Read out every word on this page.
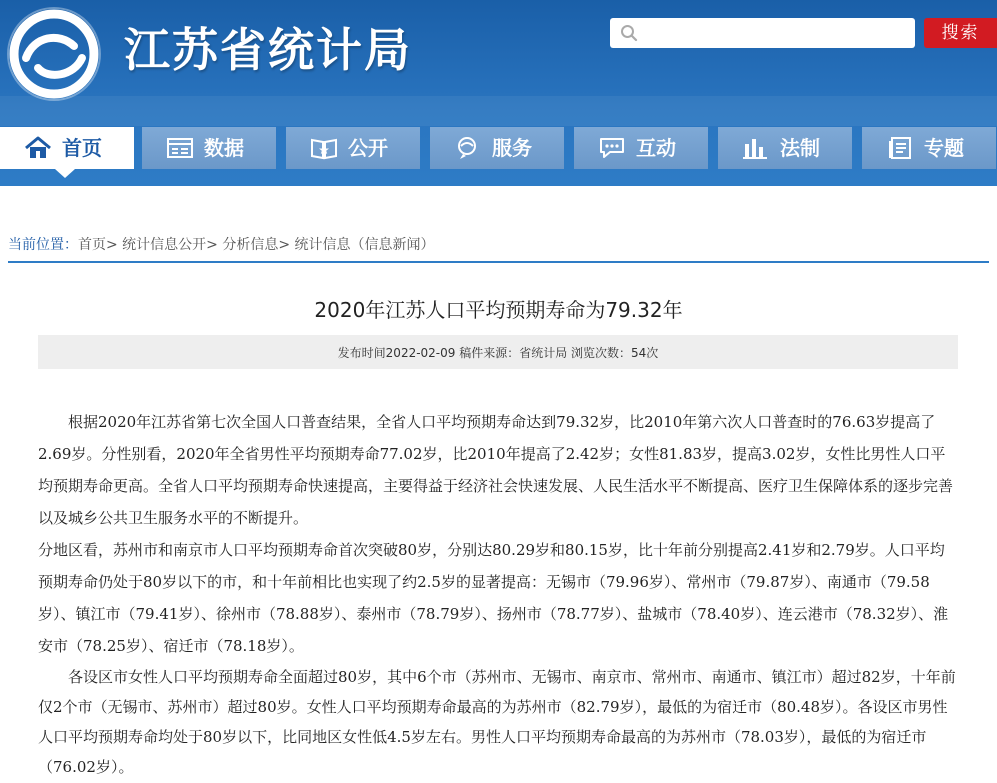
江苏省统计局	搜索
首页	数据	公开	服务	互动	法制	专题
当前位置：首页> 统计信息公开> 分析信息> 统计信息（信息新闻）
2020年江苏人口平均预期寿命为79.32年
发布时间2022-02-09 稿件来源：省统计局 浏览次数：54次

根据2020年江苏省第七次全国人口普查结果，全省人口平均预期寿命达到79.32岁，比2010年第六次人口普查时的76.63岁提高了2.69岁。分性别看，2020年全省男性平均预期寿命77.02岁，比2010年提高了2.42岁；女性81.83岁，提高3.02岁，女性比男性人口平均预期寿命更高。全省人口平均预期寿命快速提高，主要得益于经济社会快速发展、人民生活水平不断提高、医疗卫生保障体系的逐步完善以及城乡公共卫生服务水平的不断提升。

分地区看，苏州市和南京市人口平均预期寿命首次突破80岁，分别达80.29岁和80.15岁，比十年前分别提高2.41岁和2.79岁。人口平均预期寿命仍处于80岁以下的市，和十年前相比也实现了约2.5岁的显著提高：无锡市（79.96岁）、常州市（79.87岁）、南通市（79.58岁）、镇江市（79.41岁）、徐州市（78.88岁）、泰州市（78.79岁）、扬州市（78.77岁）、盐城市（78.40岁）、连云港市（78.32岁）、淮安市（78.25岁）、宿迁市（78.18岁）。

各设区市女性人口平均预期寿命全面超过80岁，其中6个市（苏州市、无锡市、南京市、常州市、南通市、镇江市）超过82岁，十年前仅2个市（无锡市、苏州市）超过80岁。女性人口平均预期寿命最高的为苏州市（82.79岁），最低的为宿迁市（80.48岁）。各设区市男性人口平均预期寿命均处于80岁以下，比同地区女性低4.5岁左右。男性人口平均预期寿命最高的为苏州市（78.03岁），最低的为宿迁市（76.02岁）。
